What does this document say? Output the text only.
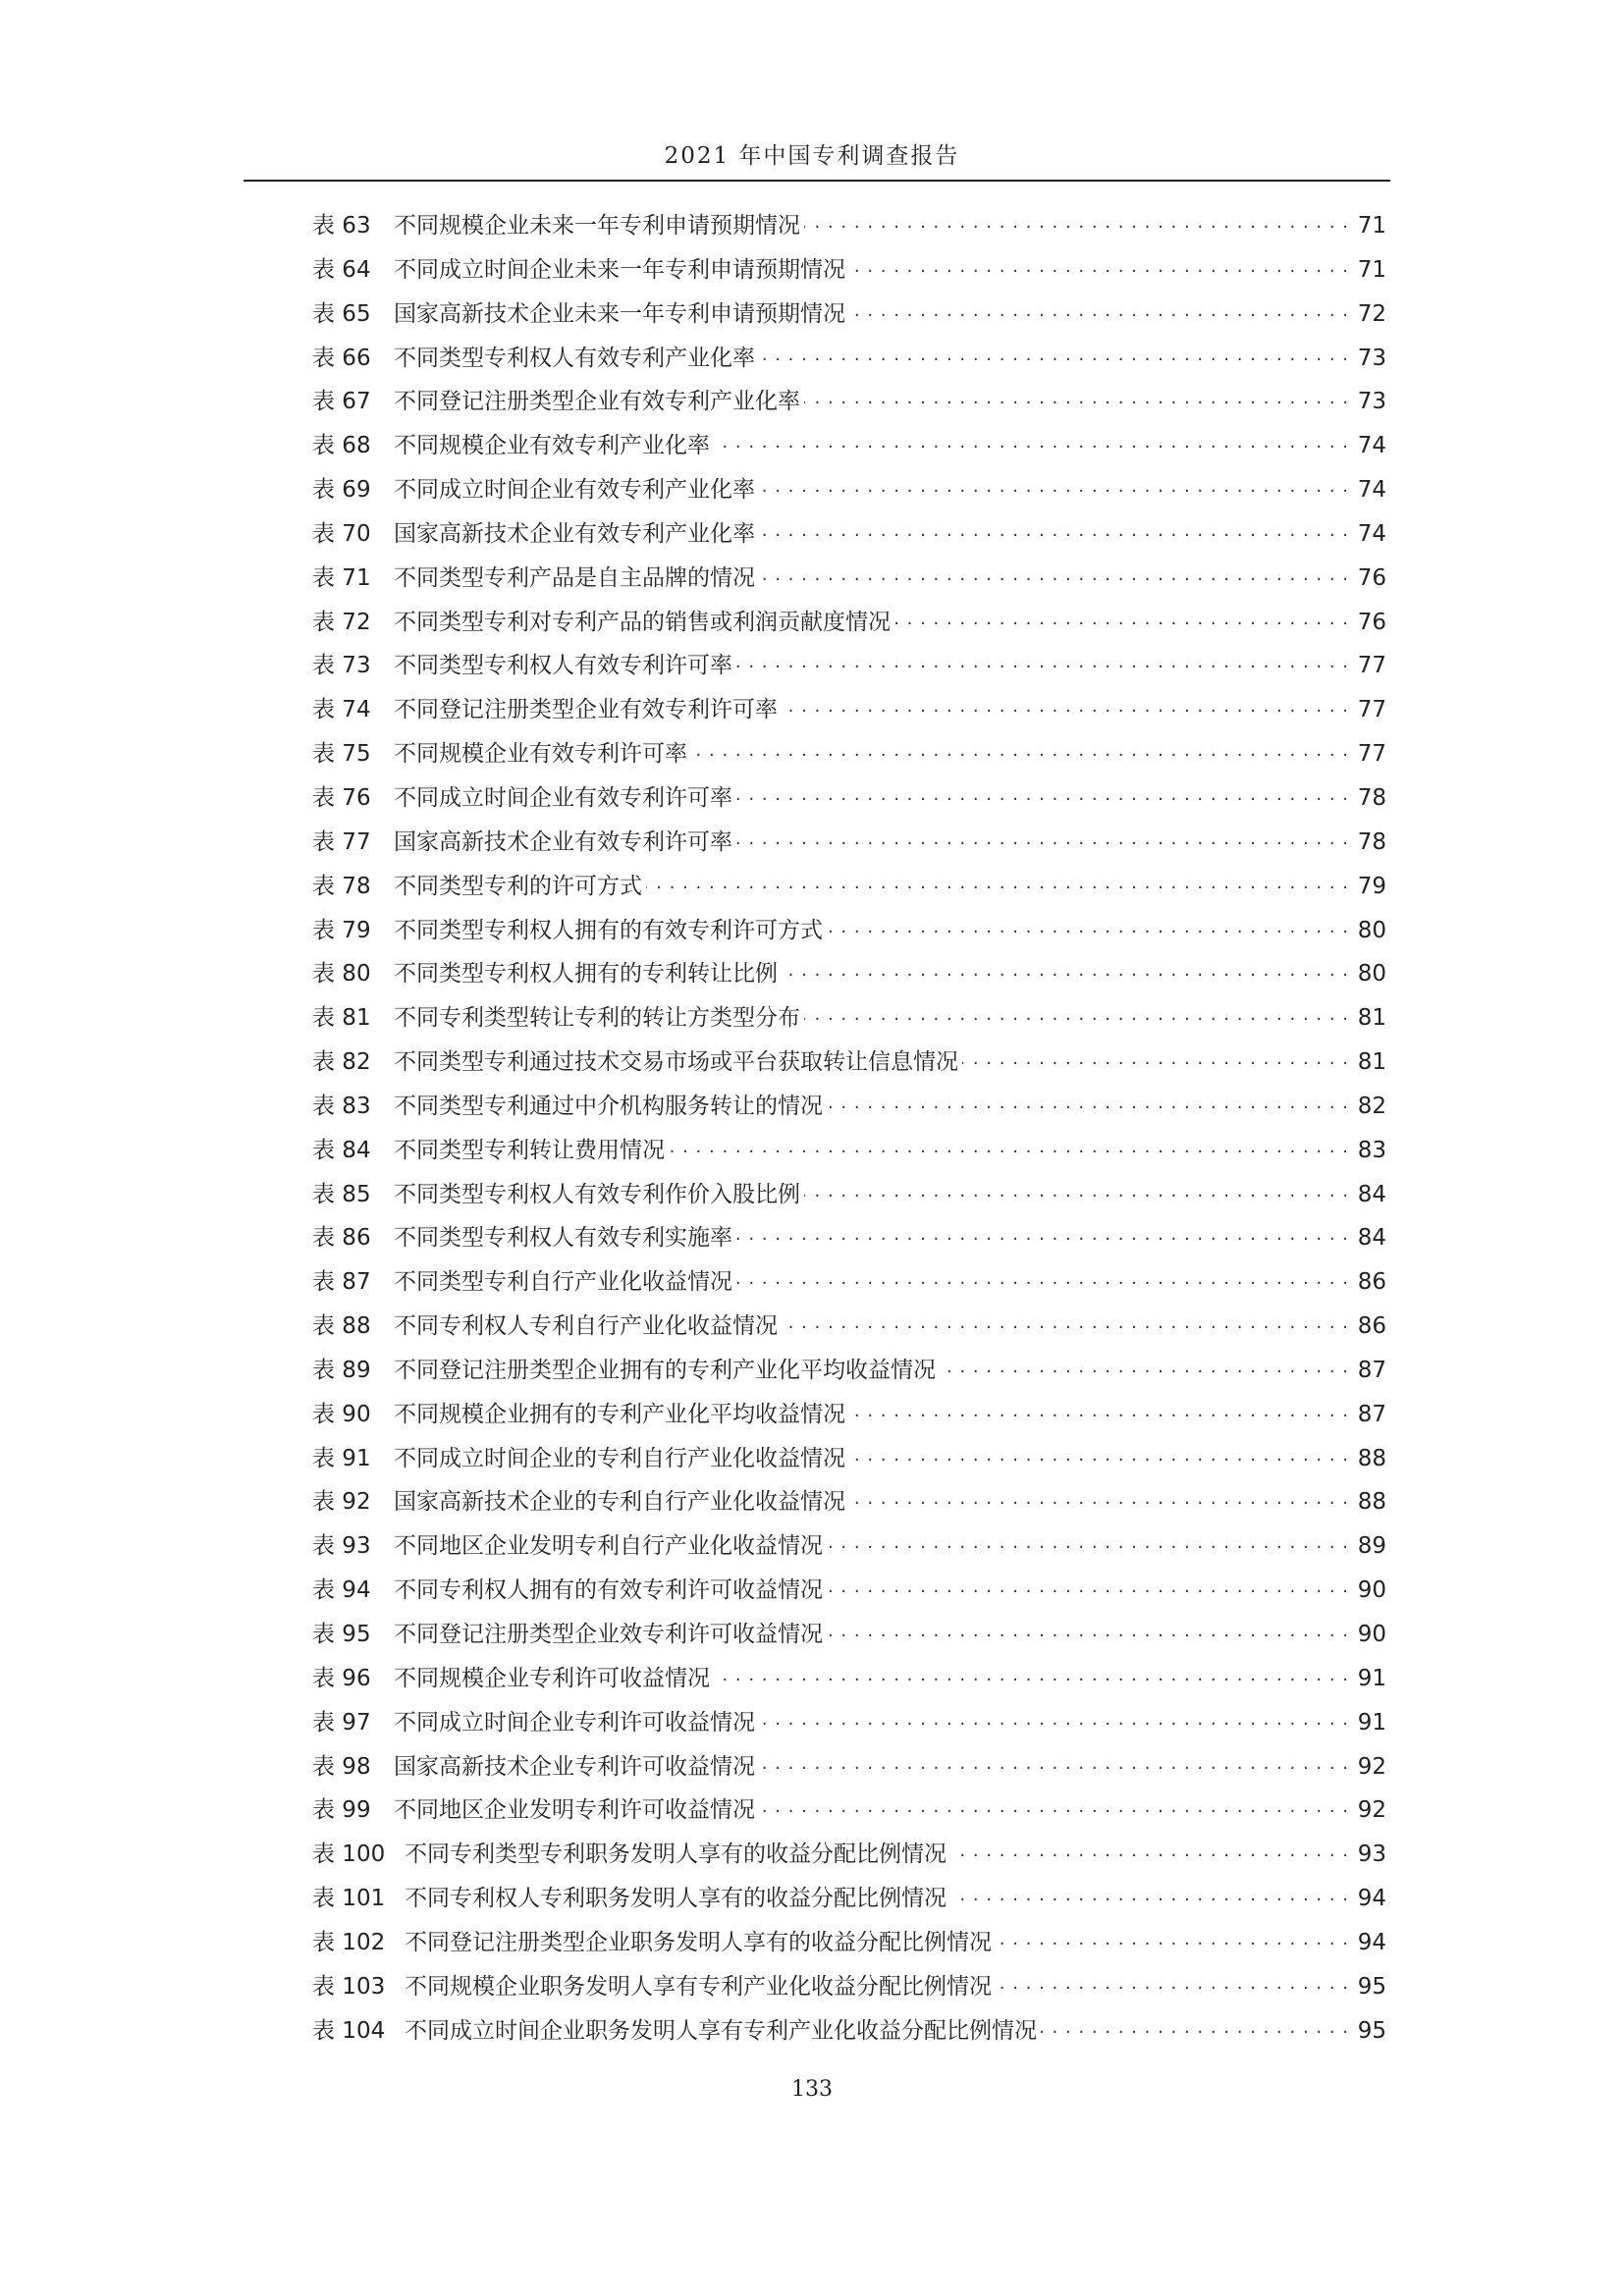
2021 年中国专利调查报告
表 63	不同规模企业未来一年专利申请预期情况 . . .	71
表 64	不同成立时间企业未来一年专利申请预期情况 . . .	71
表 65	国家高新技术企业未来一年专利申请预期情况 . . .	72
表 66	不同类型专利权人有效专利产业化率 . . .	73
表 67	不同登记注册类型企业有效专利产业化率 . . .	73
表 68	不同规模企业有效专利产业化率 . . .	74
表 69	不同成立时间企业有效专利产业化率 . . .	74
表 70	国家高新技术企业有效专利产业化率 . . .	74
表 71	不同类型专利产品是自主品牌的情况 . . .	76
表 72	不同类型专利对专利产品的销售或利润贡献度情况 . . .	76
表 73	不同类型专利权人有效专利许可率 . . .	77
表 74	不同登记注册类型企业有效专利许可率 . . .	77
表 75	不同规模企业有效专利许可率 . . .	77
表 76	不同成立时间企业有效专利许可率 . . .	78
表 77	国家高新技术企业有效专利许可率 . . .	78
表 78	不同类型专利的许可方式 . . .	79
表 79	不同类型专利权人拥有的有效专利许可方式 . . .	80
表 80	不同类型专利权人拥有的专利转让比例 . . .	80
表 81	不同专利类型转让专利的转让方类型分布 . . .	81
表 82	不同类型专利通过技术交易市场或平台获取转让信息情况 . . .	81
表 83	不同类型专利通过中介机构服务转让的情况 . . .	82
表 84	不同类型专利转让费用情况 . . .	83
表 85	不同类型专利权人有效专利作价入股比例 . . .	84
表 86	不同类型专利权人有效专利实施率 . . .	84
表 87	不同类型专利自行产业化收益情况 . . .	86
表 88	不同专利权人专利自行产业化收益情况 . . .	86
表 89	不同登记注册类型企业拥有的专利产业化平均收益情况 . . .	87
表 90	不同规模企业拥有的专利产业化平均收益情况 . . .	87
表 91	不同成立时间企业的专利自行产业化收益情况 . . .	88
表 92	国家高新技术企业的专利自行产业化收益情况 . . .	88
表 93	不同地区企业发明专利自行产业化收益情况 . . .	89
表 94	不同专利权人拥有的有效专利许可收益情况 . . .	90
表 95	不同登记注册类型企业效专利许可收益情况 . . .	90
表 96	不同规模企业专利许可收益情况 . . .	91
表 97	不同成立时间企业专利许可收益情况 . . .	91
表 98	国家高新技术企业专利许可收益情况 . . .	92
表 99	不同地区企业发明专利许可收益情况 . . .	92
表 100 不同专利类型专利职务发明人享有的收益分配比例情况 . . .	93
表 101 不同专利权人专利职务发明人享有的收益分配比例情况 . . .	94
表 102 不同登记注册类型企业职务发明人享有的收益分配比例情况 . . .	94
表 103 不同规模企业职务发明人享有专利产业化收益分配比例情况 . . .	95
表 104 不同成立时间企业职务发明人享有专利产业化收益分配比例情况 . . .	95
133
